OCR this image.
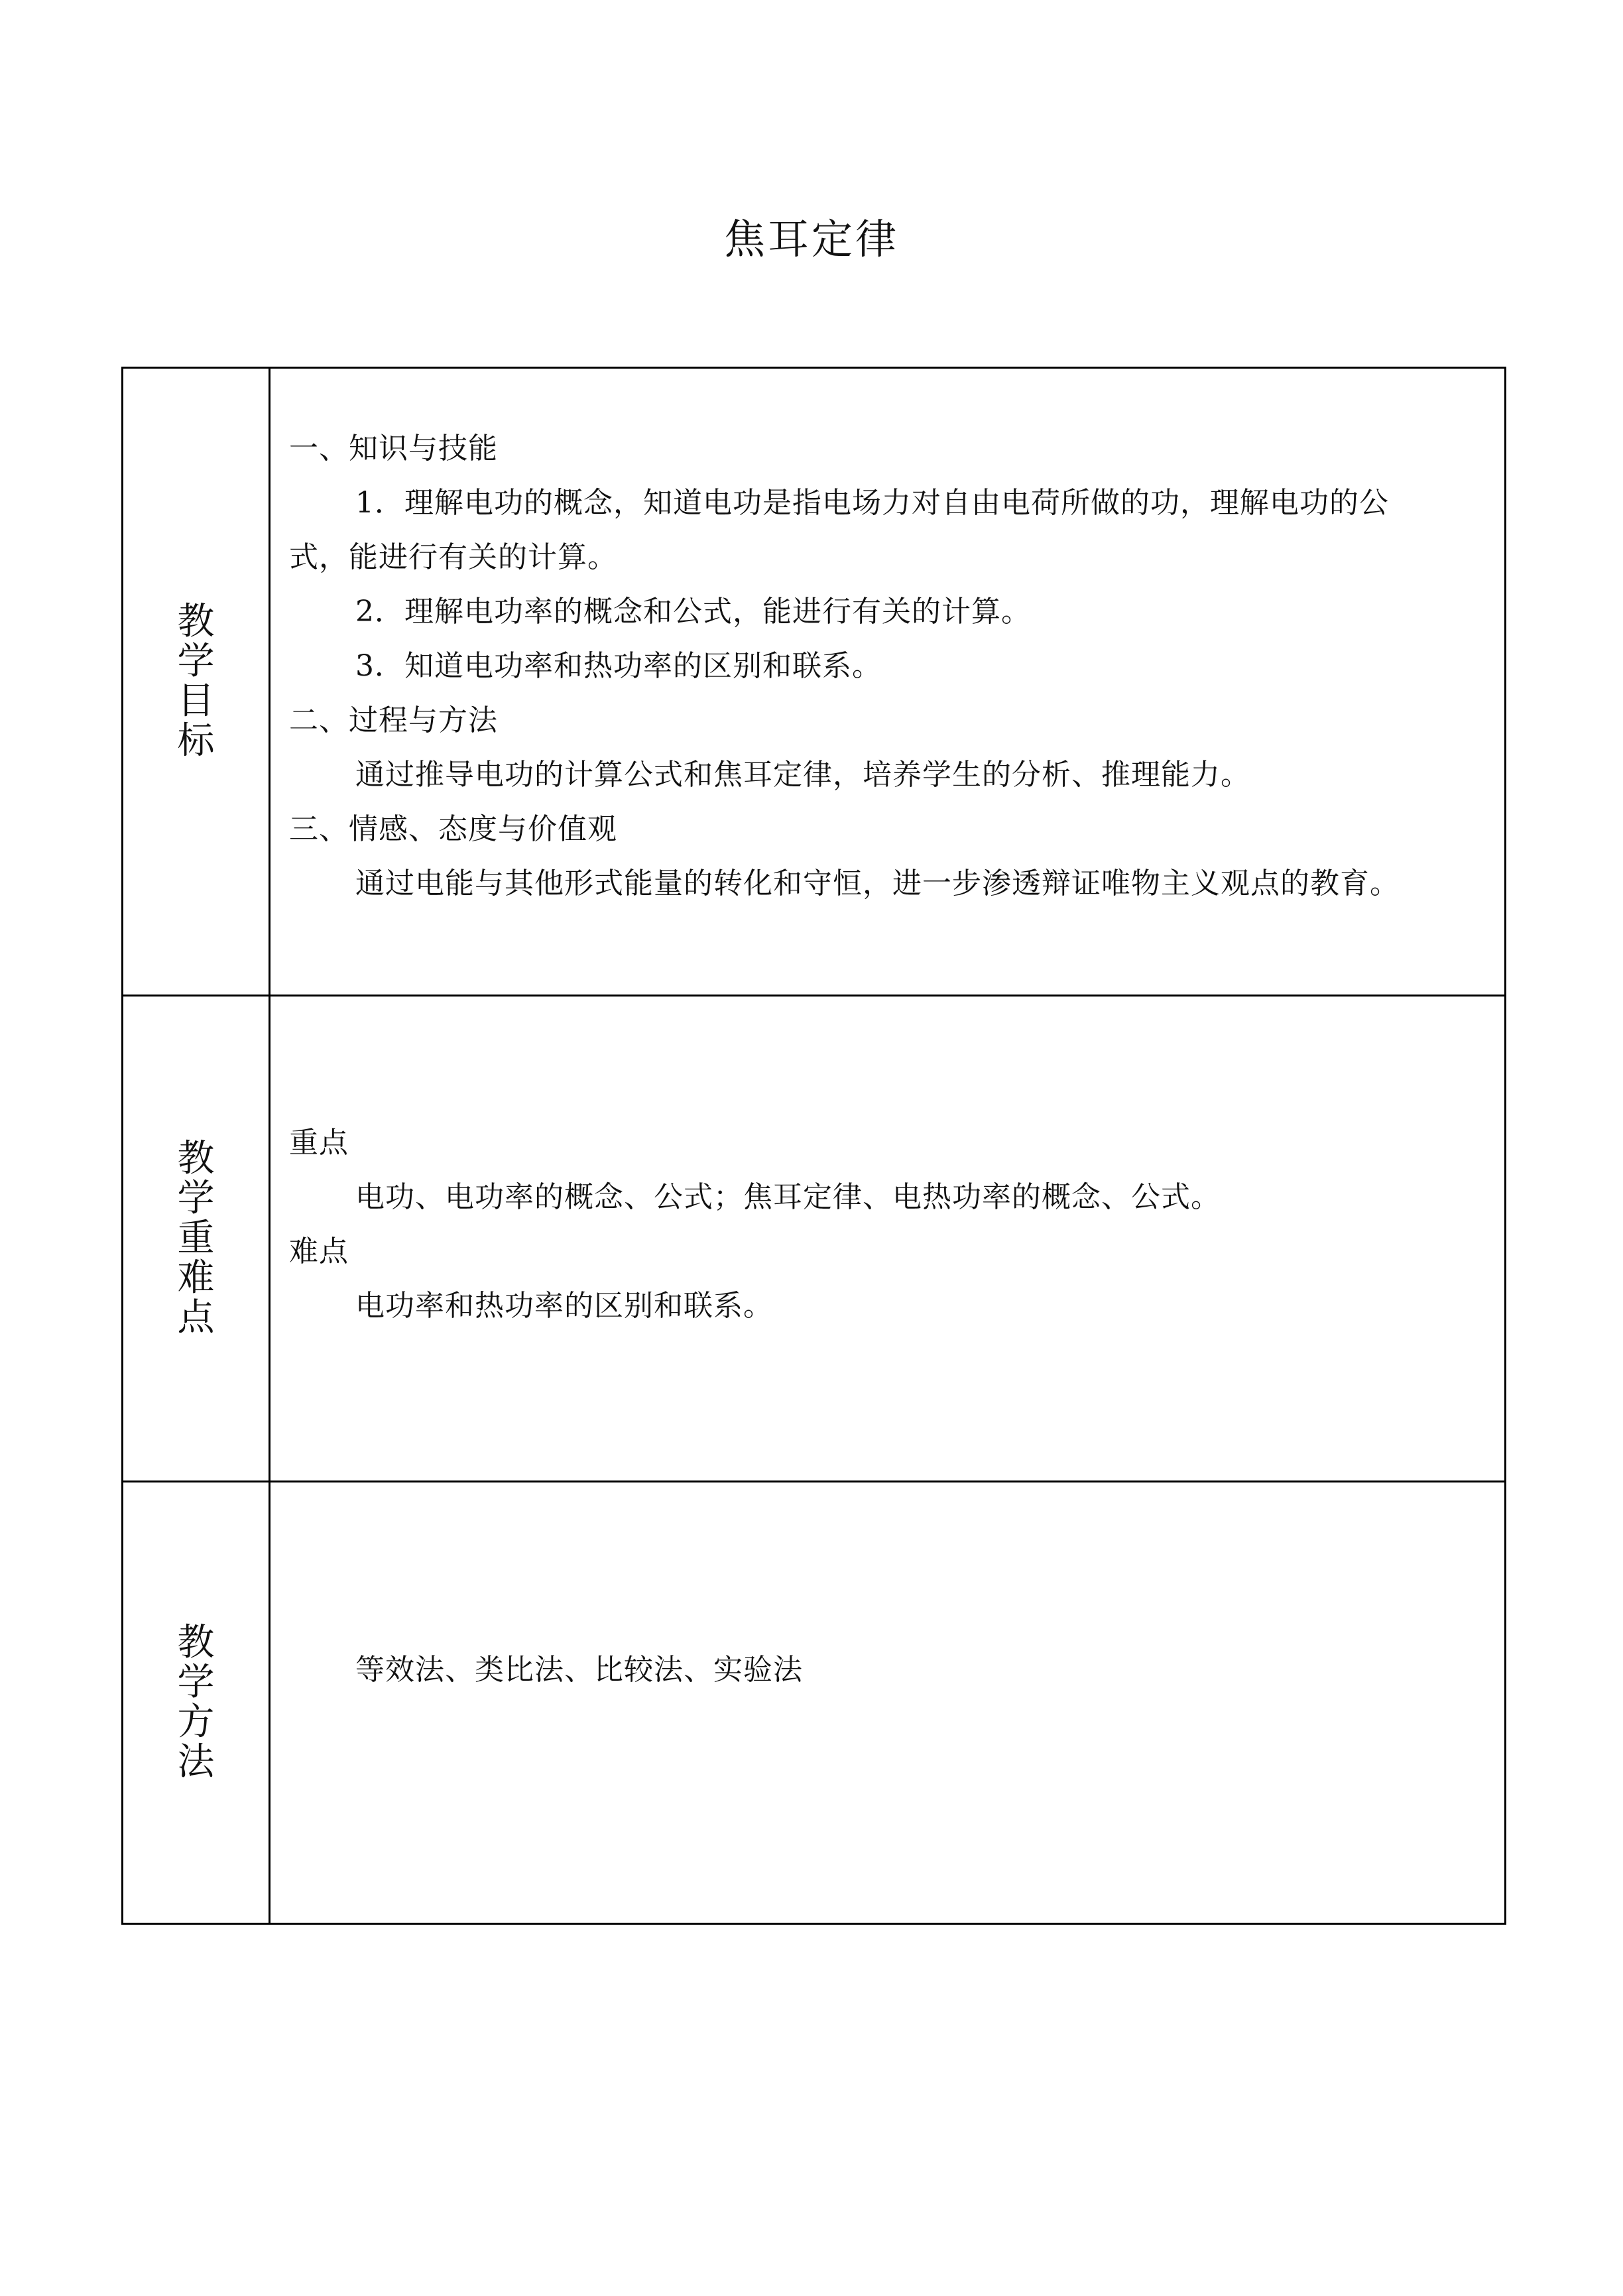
焦耳定律
教
学
目
标

一、知识与技能

1．理解电功的概念，知道电功是指电场力对自由电荷所做的功，理解电功的公

式，能进行有关的计算。

2．理解电功率的概念和公式，能进行有关的计算。

3．知道电功率和热功率的区别和联系。

二、过程与方法

通过推导电功的计算公式和焦耳定律，培养学生的分析、推理能力。

三、情感、态度与价值观

通过电能与其他形式能量的转化和守恒，进一步渗透辩证唯物主义观点的教育。

教
学
重
难
点

重点

电功、电功率的概念、公式；焦耳定律、电热功率的概念、公式。

难点

电功率和热功率的区别和联系。

教
学
方
法

等效法、类比法、比较法、实验法
